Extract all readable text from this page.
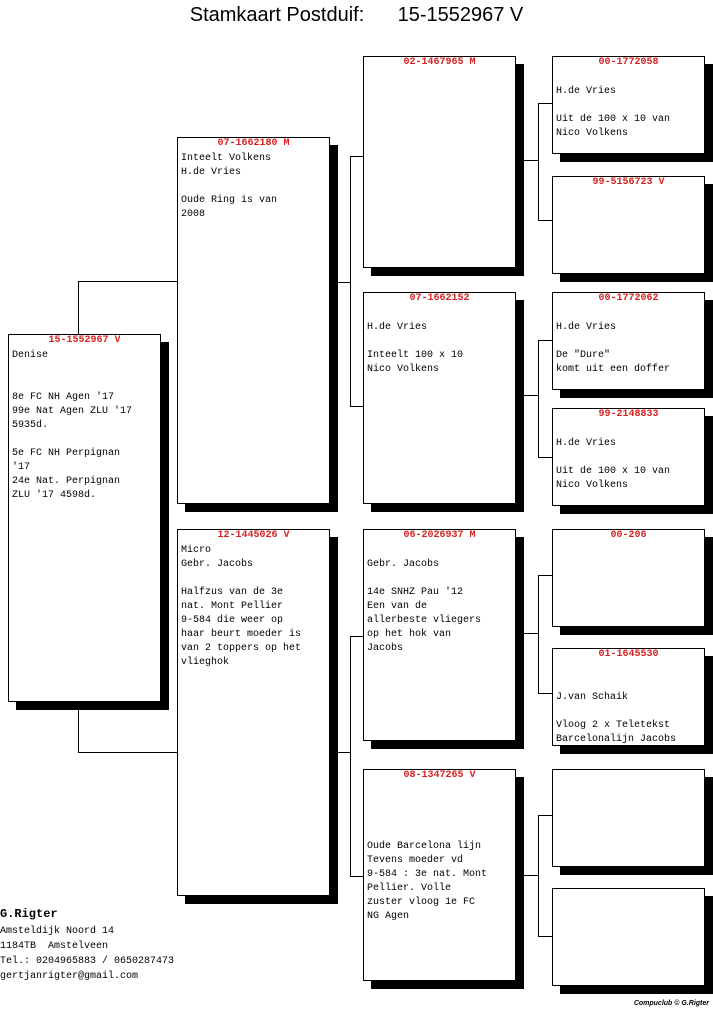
Stamkaart Postduif:      15-1552967 V
15-1552967 V
Denise

8e FC NH Agen '17
99e Nat Agen ZLU '17
5935d.

5e FC NH Perpignan
'17
24e Nat. Perpignan
ZLU '17 4598d.
07-1662180 M
Inteelt Volkens
H.de Vries

Oude Ring is van
2008
12-1445026 V
Micro
Gebr. Jacobs

Halfzus van de 3e
nat. Mont Pellier
9-584 die weer op
haar beurt moeder is
van 2 toppers op het
vlieghok
02-1467965 M
07-1662152

H.de Vries

Inteelt 100 x 10
Nico Volkens
06-2026937 M

Gebr. Jacobs

14e SNHZ Pau '12
Een van de
allerbeste vliegers
op het hok van
Jacobs
08-1347265 V

Oude Barcelona lijn
Tevens moeder vd
9-584 : 3e nat. Mont
Pellier. Volle
zuster vloog 1e FC
NG Agen
00-1772058

H.de Vries

Uit de 100 x 10 van
Nico Volkens
99-5156723 V
00-1772062

H.de Vries

De "Dure"
komt uit een doffer
99-2148833

H.de Vries

Uit de 100 x 10 van
Nico Volkens
00-206
01-1645530

J.van Schaik

Vloog 2 x Teletekst
Barcelonalijn Jacobs
G.Rigter
Amsteldijk Noord 14
1184TB  Amstelveen
Tel.: 0204965883 / 0650287473
gertjanrigter@gmail.com
Compuclub © G.Rigter
